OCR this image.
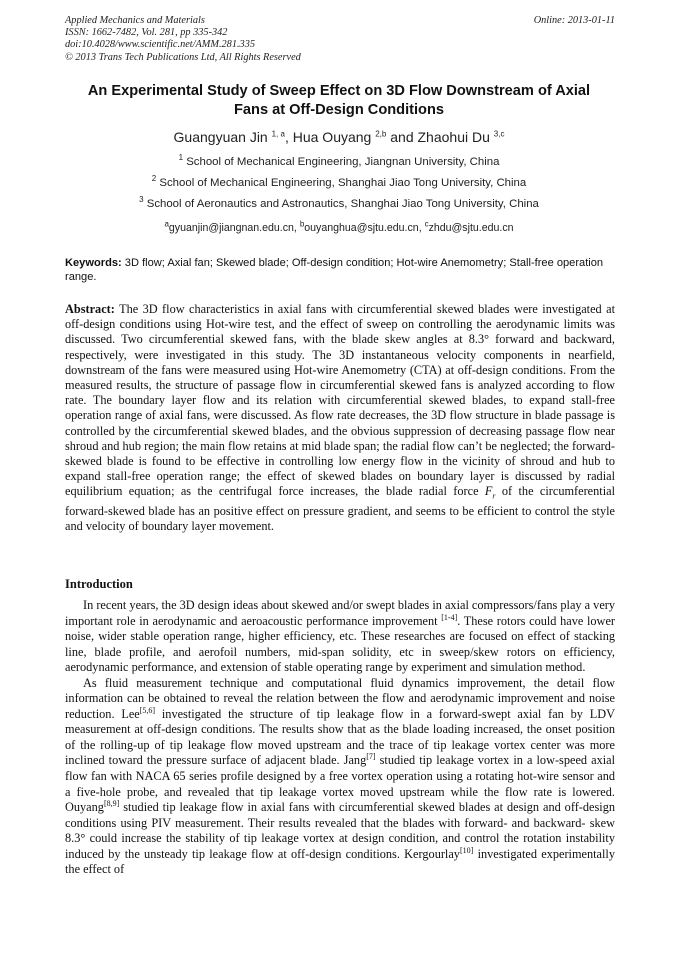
Applied Mechanics and Materials
ISSN: 1662-7482, Vol. 281, pp 335-342
doi:10.4028/www.scientific.net/AMM.281.335
© 2013 Trans Tech Publications Ltd, All Rights Reserved
Online: 2013-01-11
An Experimental Study of Sweep Effect on 3D Flow Downstream of Axial
Fans at Off-Design Conditions
Guangyuan Jin $^{1, a}$, Hua Ouyang $^{2,b}$ and Zhaohui Du $^{3,c}$
$^1$ School of Mechanical Engineering, Jiangnan University, China
$^2$ School of Mechanical Engineering, Shanghai Jiao Tong University, China
$^3$ School of Aeronautics and Astronautics, Shanghai Jiao Tong University, China
$^a$gyuanjin@jiangnan.edu.cn, $^b$ouyanghua@sjtu.edu.cn, $^c$zhdu@sjtu.edu.cn
Keywords: 3D flow; Axial fan; Skewed blade; Off-design condition; Hot-wire Anemometry; Stall-free operation range.
Abstract: The 3D flow characteristics in axial fans with circumferential skewed blades were investigated at off-design conditions using Hot-wire test, and the effect of sweep on controlling the aerodynamic limits was discussed. Two circumferential skewed fans, with the blade skew angles at 8.3° forward and backward, respectively, were investigated in this study. The 3D instantaneous velocity components in nearfield, downstream of the fans were measured using Hot-wire Anemometry (CTA) at off-design conditions. From the measured results, the structure of passage flow in circumferential skewed fans is analyzed according to flow rate. The boundary layer flow and its relation with circumferential skewed blades, to expand stall-free operation range of axial fans, were discussed. As flow rate decreases, the 3D flow structure in blade passage is controlled by the circumferential skewed blades, and the obvious suppression of decreasing passage flow near shroud and hub region; the main flow retains at mid blade span; the radial flow can’t be neglected; the forward-skewed blade is found to be effective in controlling low energy flow in the vicinity of shroud and hub to expand stall-free operation range; the effect of skewed blades on boundary layer is discussed by radial equilibrium equation; as the centrifugal force increases, the blade radial force $F_r$ of the circumferential forward-skewed blade has an positive effect on pressure gradient, and seems to be efficient to control the style and velocity of boundary layer movement.
Introduction

In recent years, the 3D design ideas about skewed and/or swept blades in axial compressors/fans play a very important role in aerodynamic and aeroacoustic performance improvement [1-4]. These rotors could have lower noise, wider stable operation range, higher efficiency, etc. These researches are focused on effect of stacking line, blade profile, and aerofoil numbers, mid-span solidity, etc in sweep/skew rotors on efficiency, aerodynamic performance, and extension of stable operating range by experiment and simulation method.

As fluid measurement technique and computational fluid dynamics improvement, the detail flow information can be obtained to reveal the relation between the flow and aerodynamic improvement and noise reduction. Lee[5,6] investigated the structure of tip leakage flow in a forward-swept axial fan by LDV measurement at off-design conditions. The results show that as the blade loading increased, the onset position of the rolling-up of tip leakage flow moved upstream and the trace of tip leakage vortex center was more inclined toward the pressure surface of adjacent blade. Jang[7] studied tip leakage vortex in a low-speed axial flow fan with NACA 65 series profile designed by a free vortex operation using a rotating hot-wire sensor and a five-hole probe, and revealed that tip leakage vortex moved upstream while the flow rate is lowered. Ouyang[8,9] studied tip leakage flow in axial fans with circumferential skewed blades at design and off-design conditions using PIV measurement. Their results revealed that the blades with forward- and backward- skew 8.3° could increase the stability of tip leakage vortex at design condition, and control the rotation instability induced by the unsteady tip leakage flow at off-design conditions. Kergourlay[10] investigated experimentally the effect of
